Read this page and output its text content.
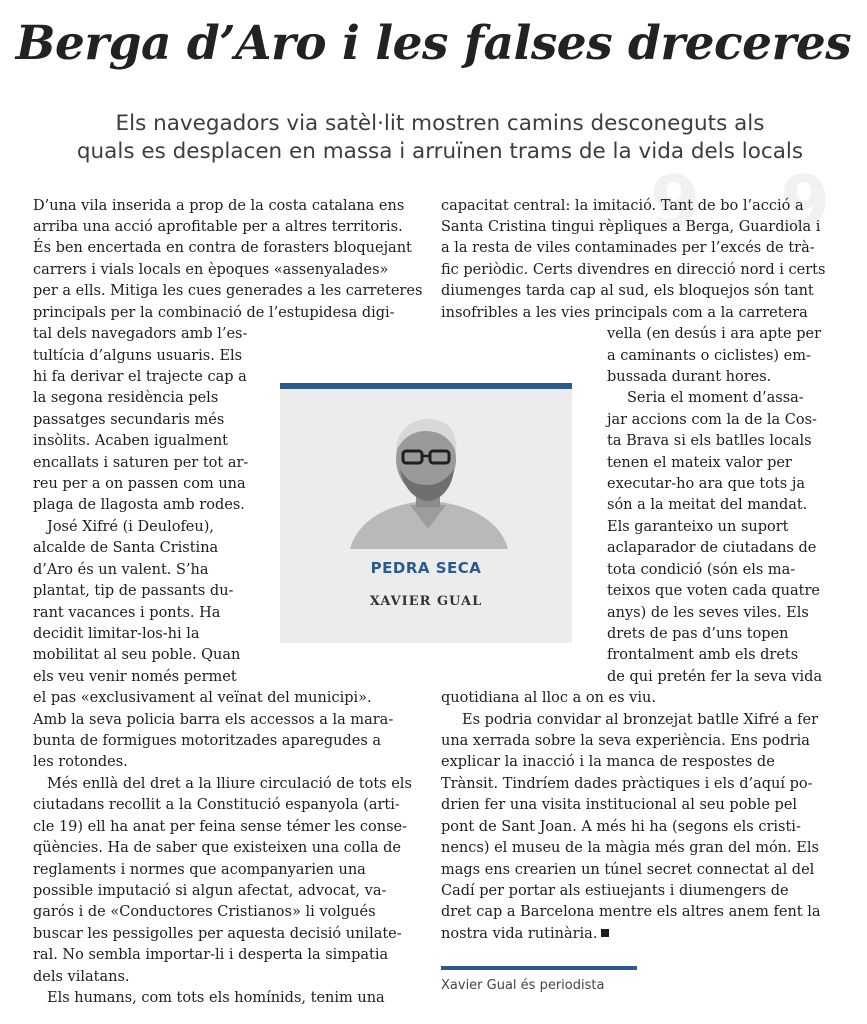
9 9
Berga d’Aro i les falses dreceres

Els navegadors via satèl·lit mostren camins desconeguts als

quals es desplacen en massa i arruïnen trams de la vida dels locals

D’una vila inserida a prop de la costa catalana ens
arriba una acció aprofitable per a altres territoris.
És ben encertada en contra de forasters bloquejant
carrers i vials locals en èpoques «assenyalades»
per a ells. Mitiga les cues generades a les carreteres
principals per la combinació de l’estupidesa digi-
tal dels navegadors amb l’es-
tultícia d’alguns usuaris. Els
hi fa derivar el trajecte cap a
la segona residència pels
passatges secundaris més
insòlits. Acaben igualment
encallats i saturen per tot ar-
reu per a on passen com una
plaga de llagosta amb rodes.
José Xifré (i Deulofeu),
alcalde de Santa Cristina
d’Aro és un valent. S’ha
plantat, tip de passants du-
rant vacances i ponts. Ha
decidit limitar-los-hi la
mobilitat al seu poble. Quan
els veu venir només permet
el pas «exclusivament al veïnat del municipi».
Amb la seva policia barra els accessos a la mara-
bunta de formigues motoritzades aparegudes a
les rotondes.
Més enllà del dret a la lliure circulació de tots els
ciutadans recollit a la Constitució espanyola (arti-
cle 19) ell ha anat per feina sense témer les conse-
qüències. Ha de saber que existeixen una colla de
reglaments i normes que acompanyarien una
possible imputació si algun afectat, advocat, va-
garós i de «Conductores Cristianos» li volgués
buscar les pessigolles per aquesta decisió unilate-
ral. No sembla importar-li i desperta la simpatia
dels vilatans.
Els humans, com tots els homínids, tenim una
capacitat central: la imitació. Tant de bo l’acció a
Santa Cristina tingui rèpliques a Berga, Guardiola i
a la resta de viles contaminades per l’excés de trà-
fic periòdic. Certs divendres en direcció nord i certs
diumenges tarda cap al sud, els bloquejos són tant
insofribles a les vies principals com a la carretera
vella (en desús i ara apte per
a caminants o ciclistes) em-
bussada durant hores.
Seria el moment d’assa-
jar accions com la de la Cos-
ta Brava si els batlles locals
tenen el mateix valor per
executar-ho ara que tots ja
són a la meitat del mandat.
Els garanteixo un suport
aclaparador de ciutadans de
tota condició (són els ma-
teixos que voten cada quatre
anys) de les seves viles. Els
drets de pas d’uns topen
frontalment amb els drets
de qui pretén fer la seva vida
quotidiana al lloc a on es viu.
Es podria convidar al bronzejat batlle Xifré a fer
una xerrada sobre la seva experiència. Ens podria
explicar la inacció i la manca de respostes de
Trànsit. Tindríem dades pràctiques i els d’aquí po-
drien fer una visita institucional al seu poble pel
pont de Sant Joan. A més hi ha (segons els cristi-
nencs) el museu de la màgia més gran del món. Els
mags ens crearien un túnel secret connectat al del
Cadí per portar als estiuejants i diumengers de
dret cap a Barcelona mentre els altres anem fent la
nostra vida rutinària.
PEDRA SECA
XAVIER GUAL
Xavier Gual és periodista
